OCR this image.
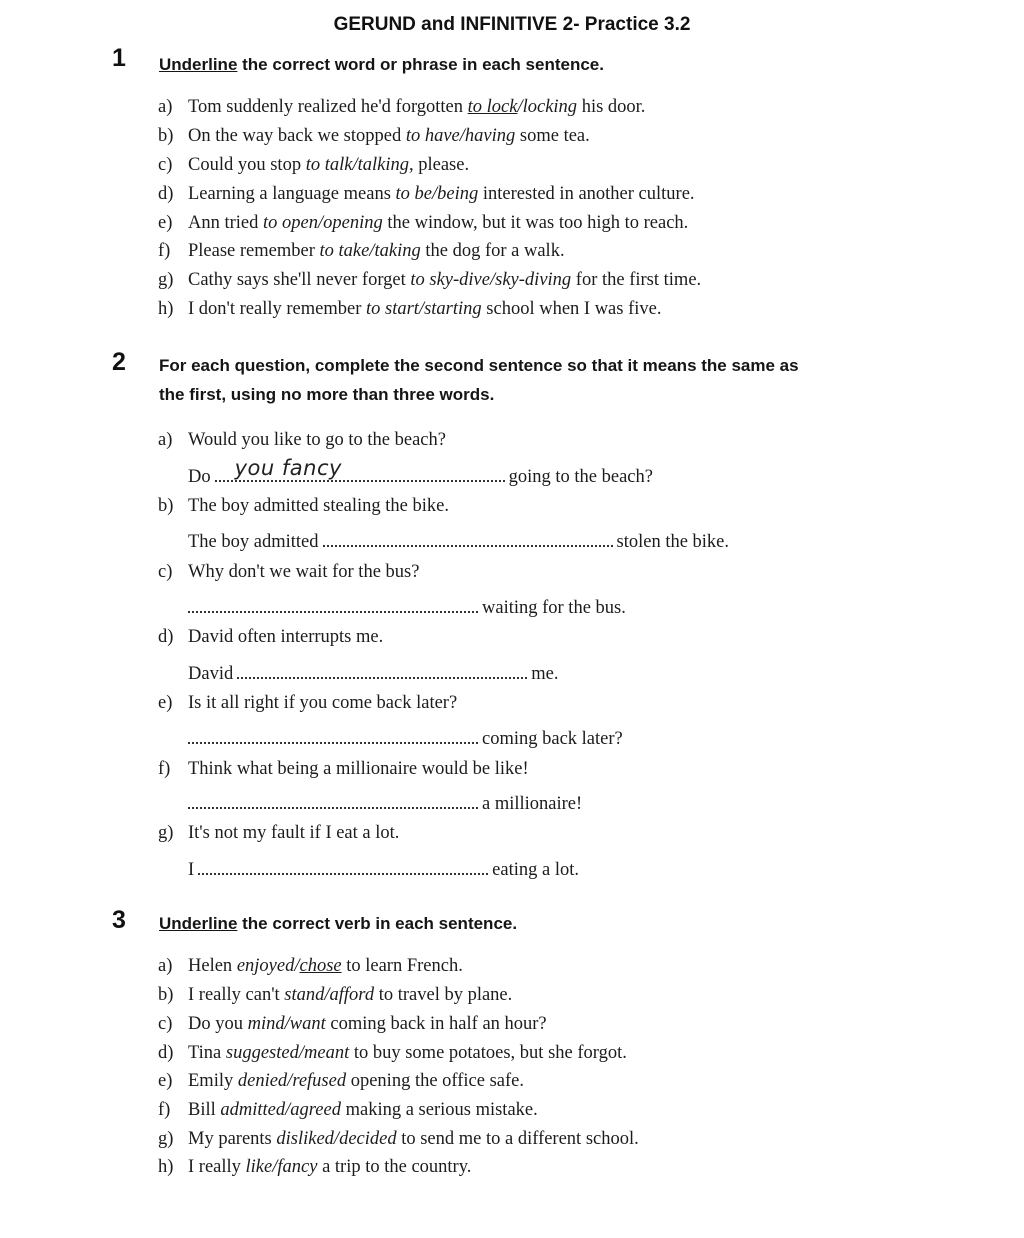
GERUND and INFINITIVE 2- Practice 3.2
1 Underline the correct word or phrase in each sentence.
a) Tom suddenly realized he'd forgotten to lock/locking his door.
b) On the way back we stopped to have/having some tea.
c) Could you stop to talk/talking, please.
d) Learning a language means to be/being interested in another culture.
e) Ann tried to open/opening the window, but it was too high to reach.
f) Please remember to take/taking the dog for a walk.
g) Cathy says she'll never forget to sky-dive/sky-diving for the first time.
h) I don't really remember to start/starting school when I was five.
2 For each question, complete the second sentence so that it means the same as
the first, using no more than three words.
a) Would you like to go to the beach?
Do you fancy	going to the beach?
b) The boy admitted stealing the bike.
The boy admitted	stolen the bike.
c) Why don't we wait for the bus?
waiting for the bus.
d) David often interrupts me.
David	me.
e) Is it all right if you come back later?
coming back later?
f) Think what being a millionaire would be like!
a millionaire!
g) It's not my fault if I eat a lot.
I	eating a lot.
3 Underline the correct verb in each sentence.
a) Helen enjoyed/chose to learn French.
b) I really can't stand/afford to travel by plane.
c) Do you mind/want coming back in half an hour?
d) Tina suggested/meant to buy some potatoes, but she forgot.
e) Emily denied/refused opening the office safe.
f) Bill admitted/agreed making a serious mistake.
g) My parents disliked/decided to send me to a different school.
h) I really like/fancy a trip to the country.
